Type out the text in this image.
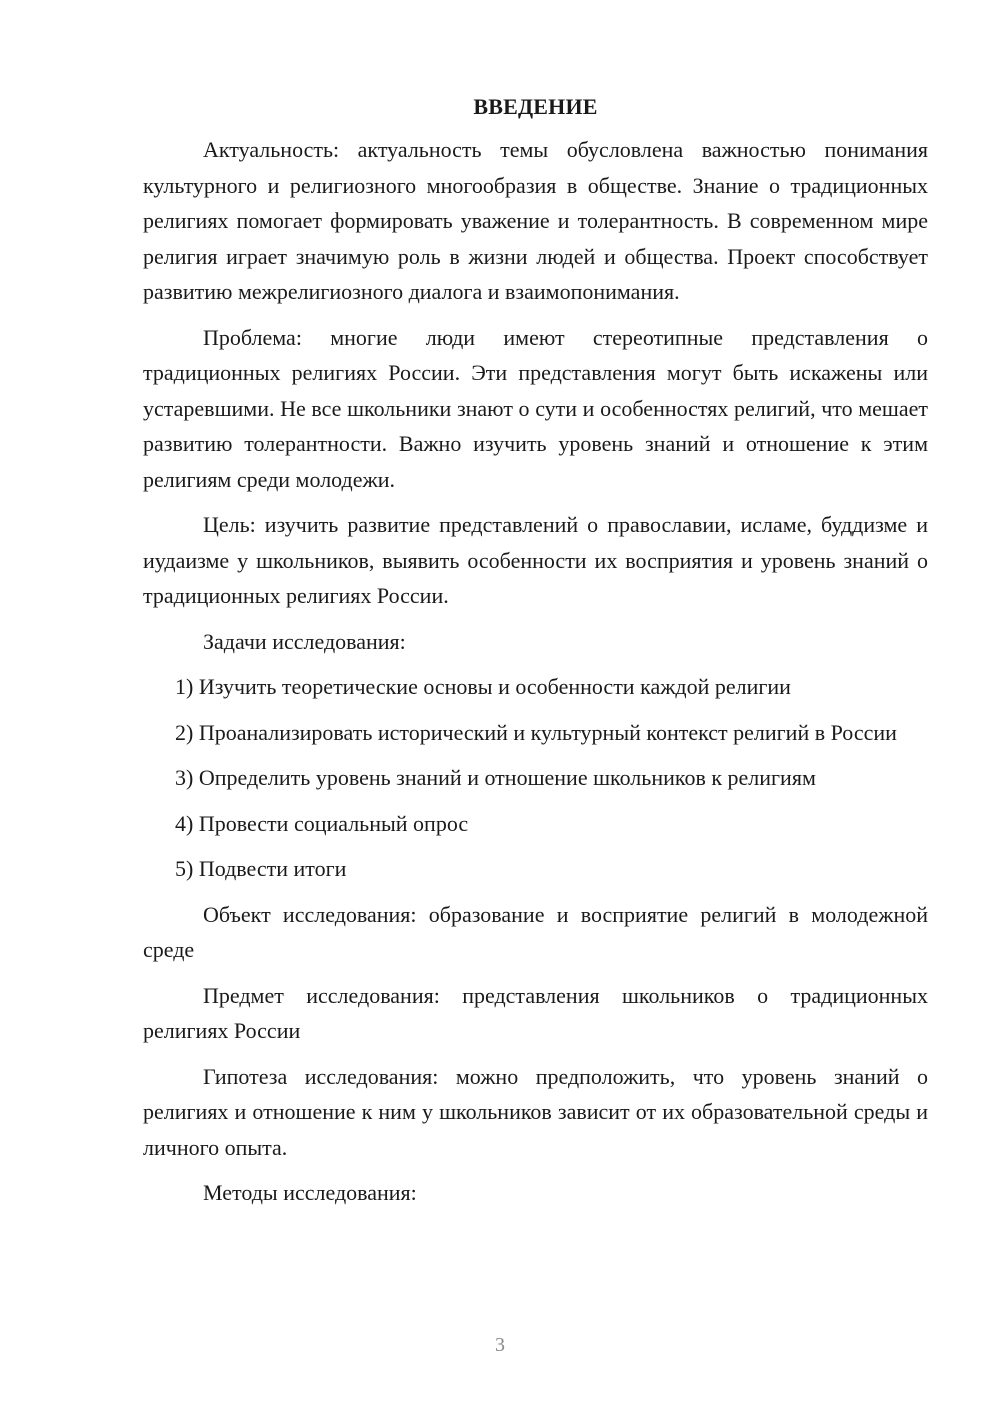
ВВЕДЕНИЕ

Актуальность: актуальность темы обусловлена важностью понимания культурного и религиозного многообразия в обществе. Знание о традиционных религиях помогает формировать уважение и толерантность. В современном мире религия играет значимую роль в жизни людей и общества. Проект способствует развитию межрелигиозного диалога и взаимопонимания.

Проблема: многие люди имеют стереотипные представления о традиционных религиях России. Эти представления могут быть искажены или устаревшими. Не все школьники знают о сути и особенностях религий, что мешает развитию толерантности. Важно изучить уровень знаний и отношение к этим религиям среди молодежи.

Цель: изучить развитие представлений о православии, исламе, буддизме и иудаизме у школьников, выявить особенности их восприятия и уровень знаний о традиционных религиях России.

Задачи исследования:

1) Изучить теоретические основы и особенности каждой религии

2) Проанализировать исторический и культурный контекст религий в России

3) Определить уровень знаний и отношение школьников к религиям

4) Провести социальный опрос

5) Подвести итоги

Объект исследования: образование и восприятие религий в молодежной среде

Предмет исследования: представления школьников о традиционных религиях России

Гипотеза исследования: можно предположить, что уровень знаний о религиях и отношение к ним у школьников зависит от их образовательной среды и личного опыта.

Методы исследования:

3
